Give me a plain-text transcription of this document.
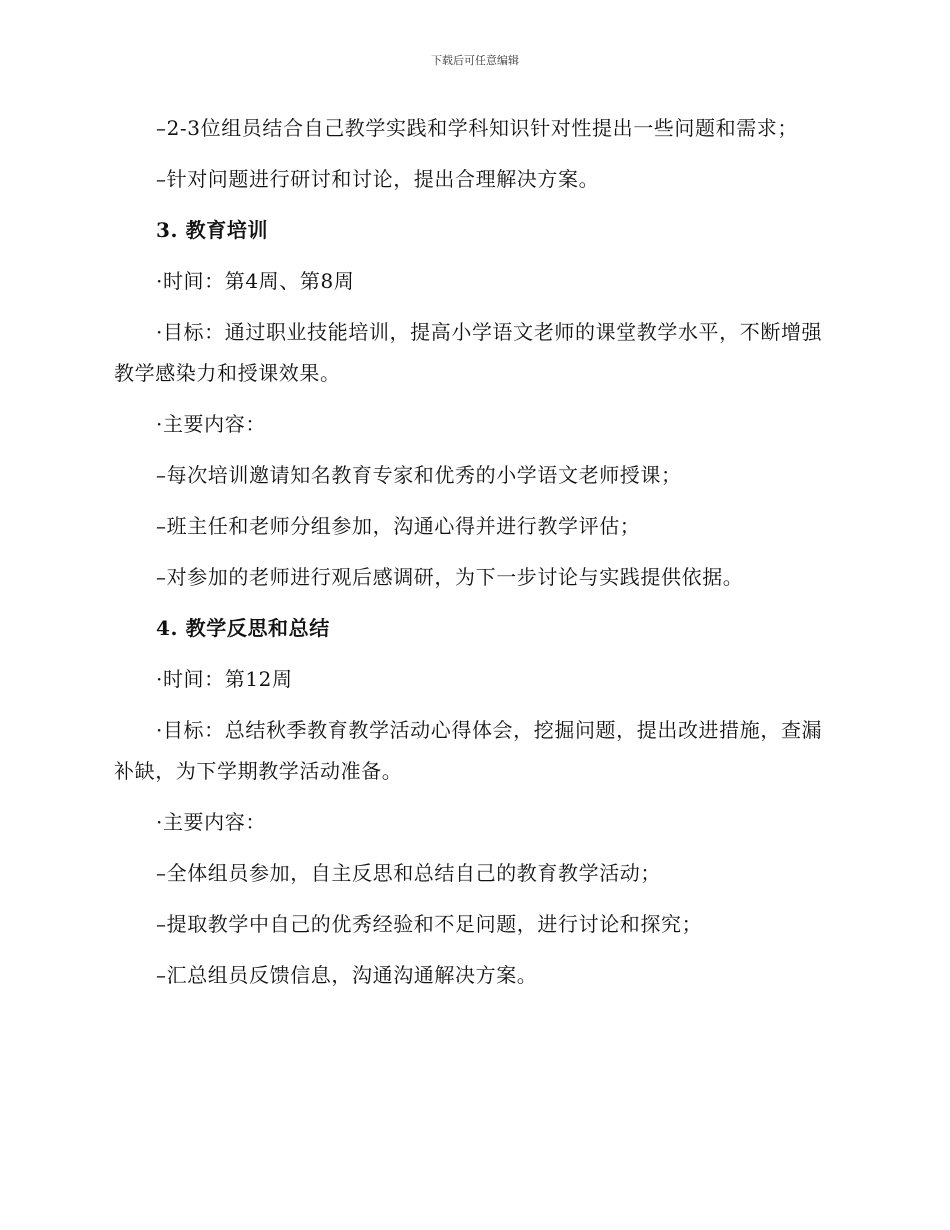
下载后可任意编辑

–2-3位组员结合自己教学实践和学科知识针对性提出一些问题和需求；

–针对问题进行研讨和讨论，提出合理解决方案。

3. 教育培训

·时间：第4周、第8周

·目标：通过职业技能培训，提高小学语文老师的课堂教学水平，不断增强教学感染力和授课效果。

·主要内容：

–每次培训邀请知名教育专家和优秀的小学语文老师授课；

–班主任和老师分组参加，沟通心得并进行教学评估；

–对参加的老师进行观后感调研，为下一步讨论与实践提供依据。

4. 教学反思和总结

·时间：第12周

·目标：总结秋季教育教学活动心得体会，挖掘问题，提出改进措施，查漏补缺，为下学期教学活动准备。

·主要内容：

–全体组员参加，自主反思和总结自己的教育教学活动；

–提取教学中自己的优秀经验和不足问题，进行讨论和探究；

–汇总组员反馈信息，沟通沟通解决方案。
